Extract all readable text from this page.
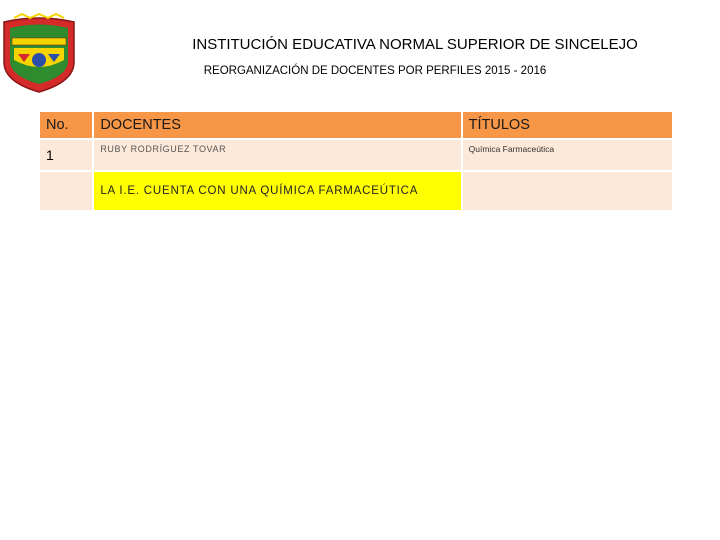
INSTITUCIÓN EDUCATIVA NORMAL SUPERIOR DE SINCELEJO
REORGANIZACIÓN DE DOCENTES POR PERFILES 2015 - 2016
No.	DOCENTES	TÍTULOS
1	RUBY RODRÍGUEZ TOVAR	Química Farmaceútica
	LA I.E. CUENTA CON UNA QUÍMICA FARMACEÚTICA	
